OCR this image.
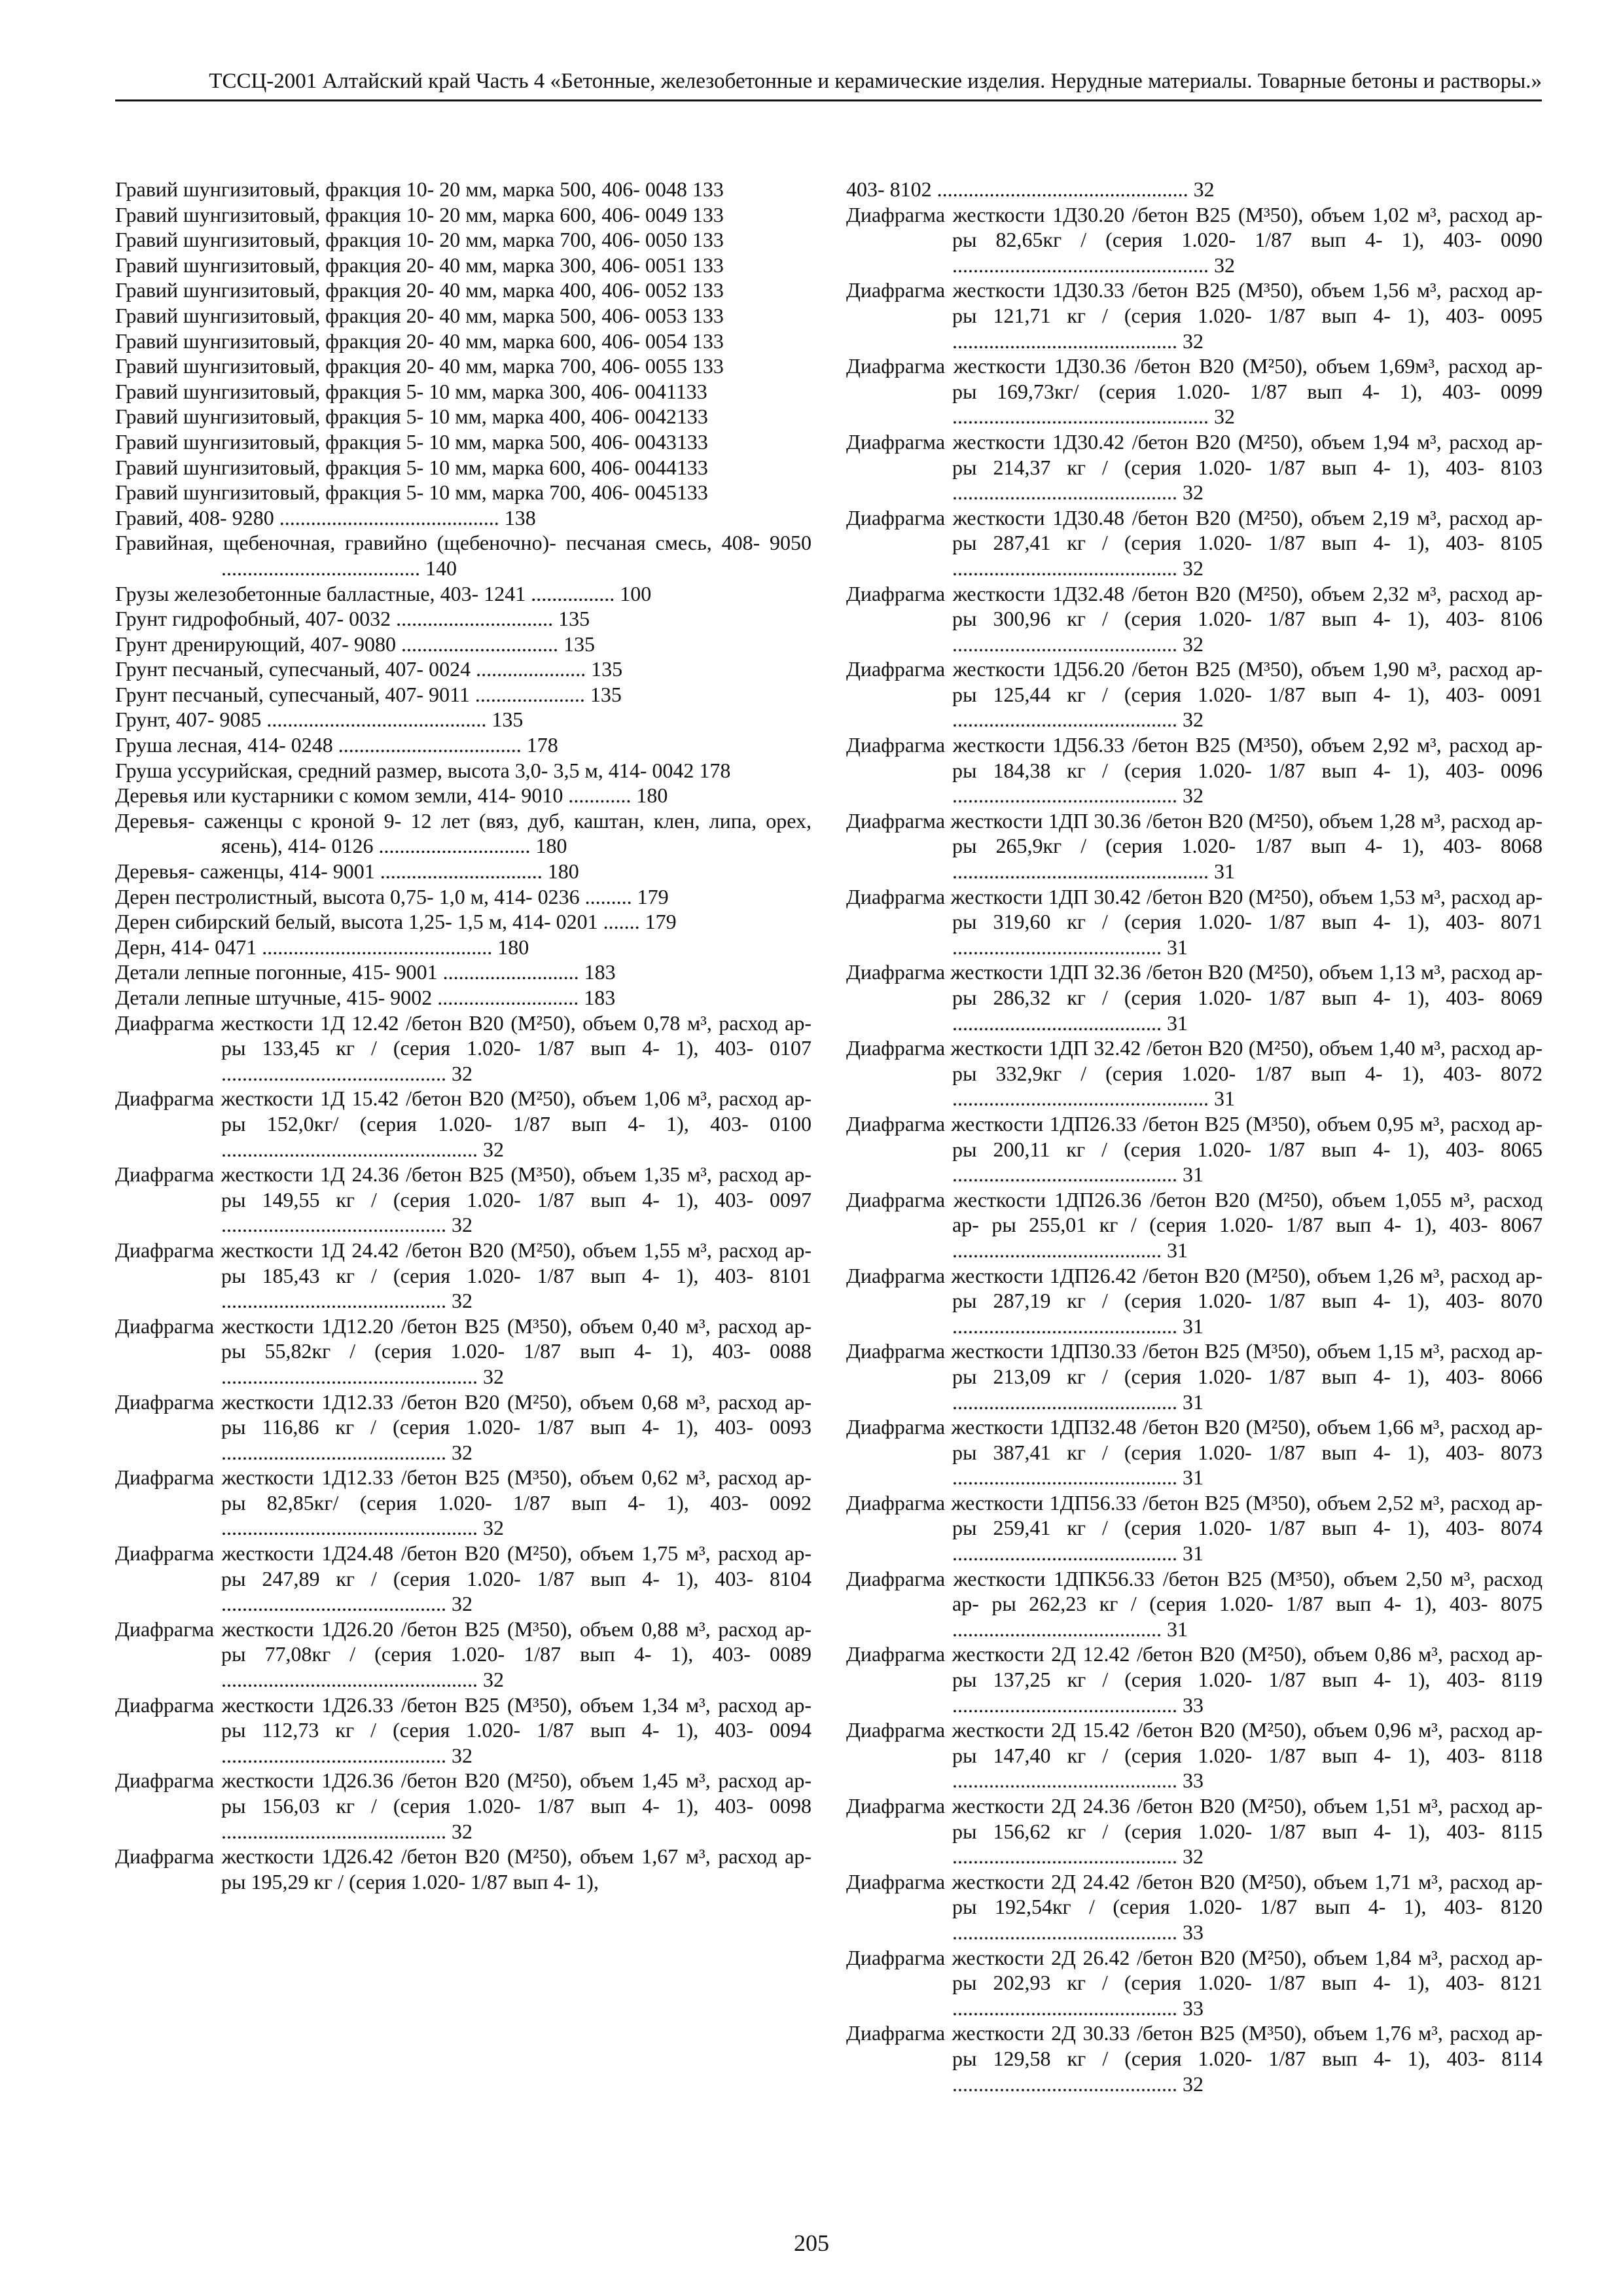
ТССЦ-2001 Алтайский край Часть 4 «Бетонные, железобетонные и керамические изделия. Нерудные материалы. Товарные бетоны и растворы.»
Гравий шунгизитовый, фракция 10- 20 мм, марка 500, 406- 0048 133
Гравий шунгизитовый, фракция 10- 20 мм, марка 600, 406- 0049 133
Гравий шунгизитовый, фракция 10- 20 мм, марка 700, 406- 0050 133
Гравий шунгизитовый, фракция 20- 40 мм, марка 300, 406- 0051 133
Гравий шунгизитовый, фракция 20- 40 мм, марка 400, 406- 0052 133
Гравий шунгизитовый, фракция 20- 40 мм, марка 500, 406- 0053 133
Гравий шунгизитовый, фракция 20- 40 мм, марка 600, 406- 0054 133
Гравий шунгизитовый, фракция 20- 40 мм, марка 700, 406- 0055 133
Гравий шунгизитовый, фракция 5- 10 мм, марка 300, 406- 0041133
Гравий шунгизитовый, фракция 5- 10 мм, марка 400, 406- 0042133
Гравий шунгизитовый, фракция 5- 10 мм, марка 500, 406- 0043133
Гравий шунгизитовый, фракция 5- 10 мм, марка 600, 406- 0044133
Гравий шунгизитовый, фракция 5- 10 мм, марка 700, 406- 0045133
Гравий, 408- 9280 .......................................... 138
Гравийная, щебеночная, гравийно (щебеночно)- песчаная смесь, 408- 9050 ...................................... 140
Грузы железобетонные балластные, 403- 1241 ................ 100
Грунт гидрофобный, 407- 0032 .............................. 135
Грунт дренирующий, 407- 9080 .............................. 135
Грунт песчаный, супесчаный, 407- 0024 ..................... 135
Грунт песчаный, супесчаный, 407- 9011 ..................... 135
Грунт, 407- 9085 .......................................... 135
Груша лесная, 414- 0248 ................................... 178
Груша уссурийская, средний размер, высота 3,0- 3,5 м, 414- 0042 178
Деревья или кустарники с комом земли, 414- 9010 ............ 180
Деревья- саженцы с кроной 9- 12 лет (вяз, дуб, каштан, клен, липа, орех, ясень), 414- 0126 ............................. 180
Деревья- саженцы, 414- 9001 ............................... 180
Дерен пестролистный, высота 0,75- 1,0 м, 414- 0236 ......... 179
Дерен сибирский белый, высота 1,25- 1,5 м, 414- 0201 ....... 179
Дерн, 414- 0471 ............................................ 180
Детали лепные погонные, 415- 9001 .......................... 183
Детали лепные штучные, 415- 9002 ........................... 183
Диафрагма жесткости 1Д 12.42 /бетон В20 (М²50), объем 0,78 м³, расход ар- ры 133,45 кг / (серия 1.020- 1/87 вып 4- 1), 403- 0107 ........................................... 32
Диафрагма жесткости 1Д 15.42 /бетон В20 (М²50), объем 1,06 м³, расход ар- ры 152,0кг/ (серия 1.020- 1/87 вып 4- 1), 403- 0100 ................................................. 32
Диафрагма жесткости 1Д 24.36 /бетон В25 (М³50), объем 1,35 м³, расход ар- ры 149,55 кг / (серия 1.020- 1/87 вып 4- 1), 403- 0097 ........................................... 32
Диафрагма жесткости 1Д 24.42 /бетон В20 (М²50), объем 1,55 м³, расход ар- ры 185,43 кг / (серия 1.020- 1/87 вып 4- 1), 403- 8101 ........................................... 32
Диафрагма жесткости 1Д12.20 /бетон В25 (М³50), объем 0,40 м³, расход ар- ры 55,82кг / (серия 1.020- 1/87 вып 4- 1), 403- 0088 ................................................. 32
Диафрагма жесткости 1Д12.33 /бетон В20 (М²50), объем 0,68 м³, расход ар- ры 116,86 кг / (серия 1.020- 1/87 вып 4- 1), 403- 0093 ........................................... 32
Диафрагма жесткости 1Д12.33 /бетон В25 (М³50), объем 0,62 м³, расход ар- ры 82,85кг/ (серия 1.020- 1/87 вып 4- 1), 403- 0092 ................................................. 32
Диафрагма жесткости 1Д24.48 /бетон В20 (М²50), объем 1,75 м³, расход ар- ры 247,89 кг / (серия 1.020- 1/87 вып 4- 1), 403- 8104 ........................................... 32
Диафрагма жесткости 1Д26.20 /бетон В25 (М³50), объем 0,88 м³, расход ар- ры 77,08кг / (серия 1.020- 1/87 вып 4- 1), 403- 0089 ................................................. 32
Диафрагма жесткости 1Д26.33 /бетон В25 (М³50), объем 1,34 м³, расход ар- ры 112,73 кг / (серия 1.020- 1/87 вып 4- 1), 403- 0094 ........................................... 32
Диафрагма жесткости 1Д26.36 /бетон В20 (М²50), объем 1,45 м³, расход ар- ры 156,03 кг / (серия 1.020- 1/87 вып 4- 1), 403- 0098 ........................................... 32
Диафрагма жесткости 1Д26.42 /бетон В20 (М²50), объем 1,67 м³, расход ар- ры 195,29 кг / (серия 1.020- 1/87 вып 4- 1),
403- 8102 ................................................ 32
Диафрагма жесткости 1Д30.20 /бетон В25 (М³50), объем 1,02 м³, расход ар- ры 82,65кг / (серия 1.020- 1/87 вып 4- 1), 403- 0090 ................................................. 32
Диафрагма жесткости 1Д30.33 /бетон В25 (М³50), объем 1,56 м³, расход ар- ры 121,71 кг / (серия 1.020- 1/87 вып 4- 1), 403- 0095 ........................................... 32
Диафрагма жесткости 1Д30.36 /бетон В20 (М²50), объем 1,69м³, расход ар- ры 169,73кг/ (серия 1.020- 1/87 вып 4- 1), 403- 0099 ................................................. 32
Диафрагма жесткости 1Д30.42 /бетон В20 (М²50), объем 1,94 м³, расход ар- ры 214,37 кг / (серия 1.020- 1/87 вып 4- 1), 403- 8103 ........................................... 32
Диафрагма жесткости 1Д30.48 /бетон В20 (М²50), объем 2,19 м³, расход ар- ры 287,41 кг / (серия 1.020- 1/87 вып 4- 1), 403- 8105 ........................................... 32
Диафрагма жесткости 1Д32.48 /бетон В20 (М²50), объем 2,32 м³, расход ар- ры 300,96 кг / (серия 1.020- 1/87 вып 4- 1), 403- 8106 ........................................... 32
Диафрагма жесткости 1Д56.20 /бетон В25 (М³50), объем 1,90 м³, расход ар- ры 125,44 кг / (серия 1.020- 1/87 вып 4- 1), 403- 0091 ........................................... 32
Диафрагма жесткости 1Д56.33 /бетон В25 (М³50), объем 2,92 м³, расход ар- ры 184,38 кг / (серия 1.020- 1/87 вып 4- 1), 403- 0096 ........................................... 32
Диафрагма жесткости 1ДП 30.36 /бетон В20 (М²50), объем 1,28 м³, расход ар- ры 265,9кг / (серия 1.020- 1/87 вып 4- 1), 403- 8068 ................................................. 31
Диафрагма жесткости 1ДП 30.42 /бетон В20 (М²50), объем 1,53 м³, расход ар- ры 319,60 кг / (серия 1.020- 1/87 вып 4- 1), 403- 8071 ........................................ 31
Диафрагма жесткости 1ДП 32.36 /бетон В20 (М²50), объем 1,13 м³, расход ар- ры 286,32 кг / (серия 1.020- 1/87 вып 4- 1), 403- 8069 ........................................ 31
Диафрагма жесткости 1ДП 32.42 /бетон В20 (М²50), объем 1,40 м³, расход ар- ры 332,9кг / (серия 1.020- 1/87 вып 4- 1), 403- 8072 ................................................. 31
Диафрагма жесткости 1ДП26.33 /бетон В25 (М³50), объем 0,95 м³, расход ар- ры 200,11 кг / (серия 1.020- 1/87 вып 4- 1), 403- 8065 ........................................... 31
Диафрагма жесткости 1ДП26.36 /бетон В20 (М²50), объем 1,055 м³, расход ар- ры 255,01 кг / (серия 1.020- 1/87 вып 4- 1), 403- 8067 ........................................ 31
Диафрагма жесткости 1ДП26.42 /бетон В20 (М²50), объем 1,26 м³, расход ар- ры 287,19 кг / (серия 1.020- 1/87 вып 4- 1), 403- 8070 ........................................... 31
Диафрагма жесткости 1ДП30.33 /бетон В25 (М³50), объем 1,15 м³, расход ар- ры 213,09 кг / (серия 1.020- 1/87 вып 4- 1), 403- 8066 ........................................... 31
Диафрагма жесткости 1ДП32.48 /бетон В20 (М²50), объем 1,66 м³, расход ар- ры 387,41 кг / (серия 1.020- 1/87 вып 4- 1), 403- 8073 ........................................... 31
Диафрагма жесткости 1ДП56.33 /бетон В25 (М³50), объем 2,52 м³, расход ар- ры 259,41 кг / (серия 1.020- 1/87 вып 4- 1), 403- 8074 ........................................... 31
Диафрагма жесткости 1ДПК56.33 /бетон В25 (М³50), объем 2,50 м³, расход ар- ры 262,23 кг / (серия 1.020- 1/87 вып 4- 1), 403- 8075 ........................................ 31
Диафрагма жесткости 2Д 12.42 /бетон В20 (М²50), объем 0,86 м³, расход ар- ры 137,25 кг / (серия 1.020- 1/87 вып 4- 1), 403- 8119 ........................................... 33
Диафрагма жесткости 2Д 15.42 /бетон В20 (М²50), объем 0,96 м³, расход ар- ры 147,40 кг / (серия 1.020- 1/87 вып 4- 1), 403- 8118 ........................................... 33
Диафрагма жесткости 2Д 24.36 /бетон В20 (М²50), объем 1,51 м³, расход ар- ры 156,62 кг / (серия 1.020- 1/87 вып 4- 1), 403- 8115 ........................................... 32
Диафрагма жесткости 2Д 24.42 /бетон В20 (М²50), объем 1,71 м³, расход ар- ры 192,54кг / (серия 1.020- 1/87 вып 4- 1), 403- 8120 ........................................... 33
Диафрагма жесткости 2Д 26.42 /бетон В20 (М²50), объем 1,84 м³, расход ар- ры 202,93 кг / (серия 1.020- 1/87 вып 4- 1), 403- 8121 ........................................... 33
Диафрагма жесткости 2Д 30.33 /бетон В25 (М³50), объем 1,76 м³, расход ар- ры 129,58 кг / (серия 1.020- 1/87 вып 4- 1), 403- 8114 ........................................... 32
205
